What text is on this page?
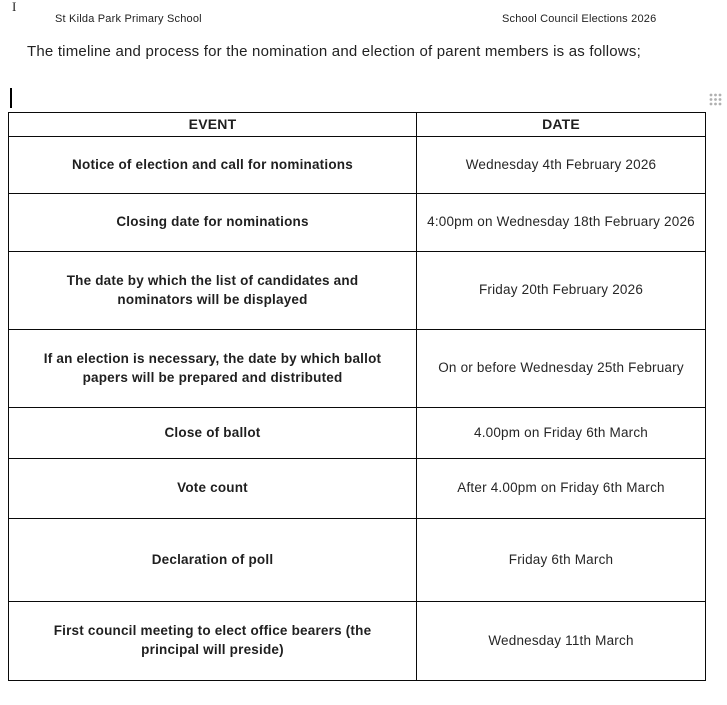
I
St Kilda Park Primary School	School Council Elections 2026
The timeline and process for the nomination and election of parent members is as follows;
EVENT	DATE
Notice of election and call for nominations	Wednesday 4th February 2026
Closing date for nominations	4:00pm on Wednesday 18th February 2026
The date by which the list of candidates and nominators will be displayed	Friday 20th February 2026
If an election is necessary, the date by which ballot papers will be prepared and distributed	On or before Wednesday 25th February
Close of ballot	4.00pm on Friday 6th March
Vote count	After 4.00pm on Friday 6th March
Declaration of poll	Friday 6th March
First council meeting to elect office bearers (the principal will preside)	Wednesday 11th March
